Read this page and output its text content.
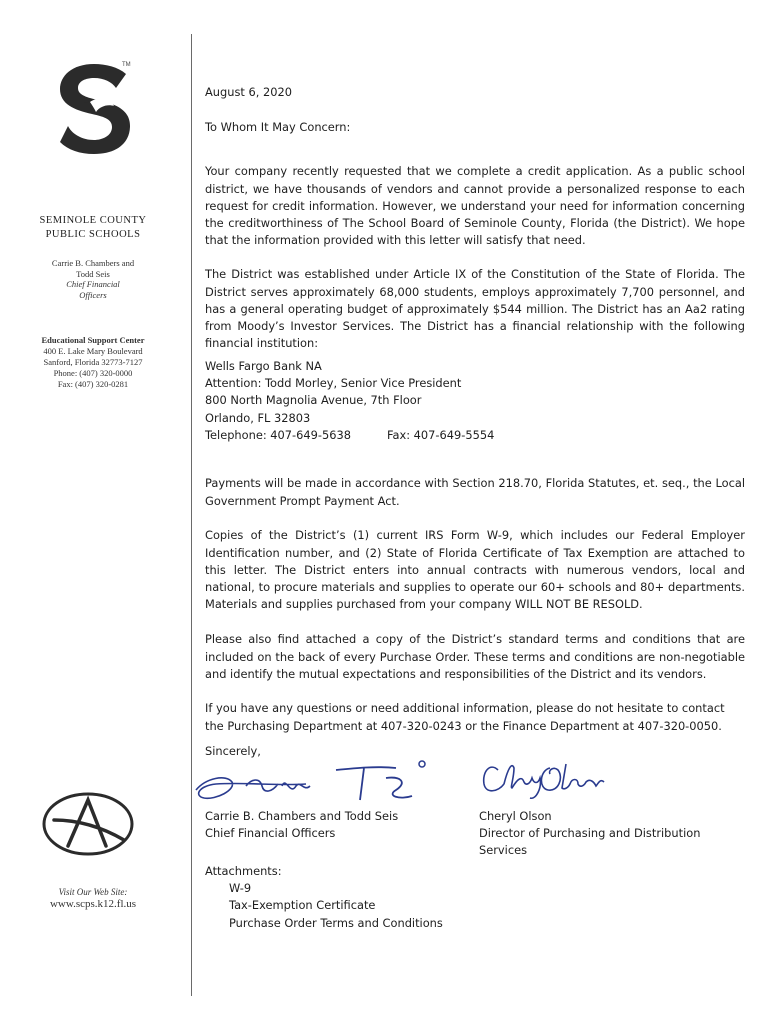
TM
SEMINOLE COUNTY
PUBLIC SCHOOLS
Carrie B. Chambers and
Todd Seis
Chief Financial
Officers
Educational Support Center
400 E. Lake Mary Boulevard
Sanford, Florida 32773-7127
Phone: (407) 320-0000
Fax: (407) 320-0281
Visit Our Web Site:
www.scps.k12.fl.us
August 6, 2020
To Whom It May Concern:

Your company recently requested that we complete a credit application. As a public school district, we have thousands of vendors and cannot provide a personalized response to each request for credit information. However, we understand your need for information concerning the creditworthiness of The School Board of Seminole County, Florida (the District). We hope that the information provided with this letter will satisfy that need.

The District was established under Article IX of the Constitution of the State of Florida. The District serves approximately 68,000 students, employs approximately 7,700 personnel, and has a general operating budget of approximately $544 million. The District has an Aa2 rating from Moody’s Investor Services. The District has a financial relationship with the following financial institution:

Wells Fargo Bank NA
Attention: Todd Morley, Senior Vice President
800 North Magnolia Avenue, 7th Floor
Orlando, FL 32803
Telephone: 407-649-5638	Fax: 407-649-5554

Payments will be made in accordance with Section 218.70, Florida Statutes, et. seq., the Local Government Prompt Payment Act.

Copies of the District’s (1) current IRS Form W-9, which includes our Federal Employer Identification number, and (2) State of Florida Certificate of Tax Exemption are attached to this letter. The District enters into annual contracts with numerous vendors, local and national, to procure materials and supplies to operate our 60+ schools and 80+ departments. Materials and supplies purchased from your company WILL NOT BE RESOLD.

Please also find attached a copy of the District’s standard terms and conditions that are included on the back of every Purchase Order. These terms and conditions are non-negotiable and identify the mutual expectations and responsibilities of the District and its vendors.

If you have any questions or need additional information, please do not hesitate to contact the Purchasing Department at 407-320-0243 or the Finance Department at 407-320-0050.

Sincerely,
Carrie B. Chambers and Todd Seis
Chief Financial Officers
Cheryl Olson
Director of Purchasing and Distribution
Services
Attachments:
W-9
Tax-Exemption Certificate
Purchase Order Terms and Conditions
